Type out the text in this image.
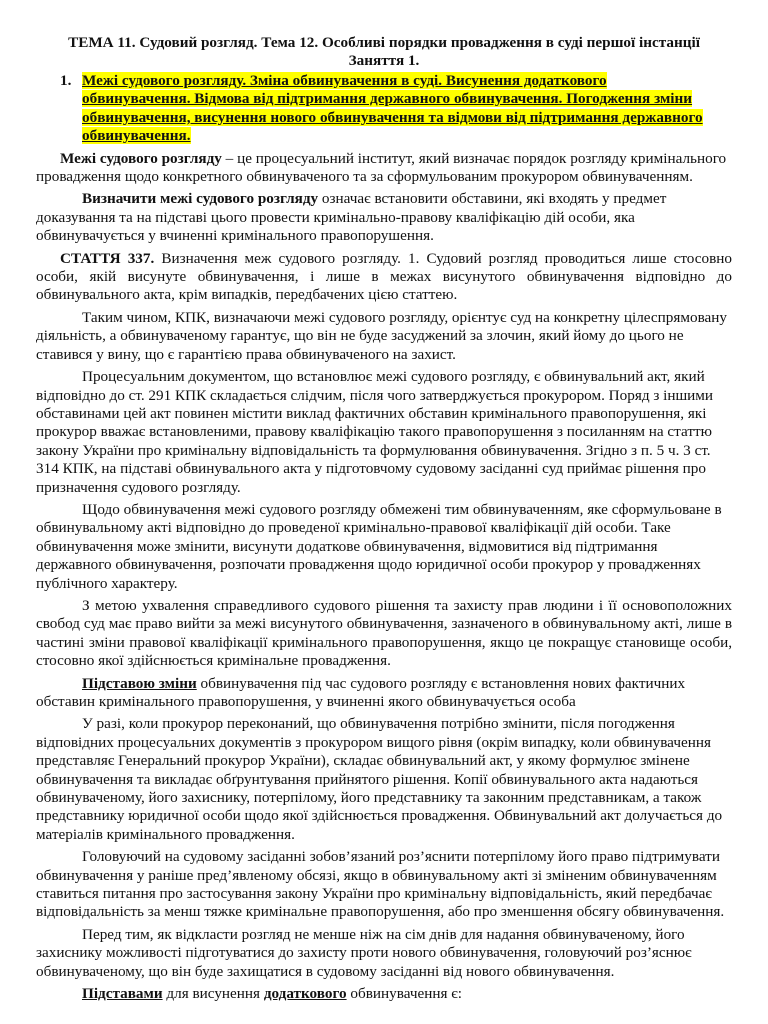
ТЕМА 11. Судовий розгляд. Тема 12. Особливі порядки провадження в суді першої інстанції
Заняття 1.
1. Межі судового розгляду. Зміна обвинувачення в суді. Висунення додаткового обвинувачення. Відмова від підтримання державного обвинувачення. Погодження зміни обвинувачення, висунення нового обвинувачення та відмови від підтримання державного обвинувачення.

Межі судового розгляду – це процесуальний інститут, який визначає порядок розгляду кримінального провадження щодо конкретного обвинуваченого та за сформульованим прокурором обвинуваченням.

Визначити межі судового розгляду означає встановити обставини, які входять у предмет доказування та на підставі цього провести кримінально-правову кваліфікацію дій особи, яка обвинувачується у вчиненні кримінального правопорушення.

СТАТТЯ 337. Визначення меж судового розгляду. 1. Судовий розгляд проводиться лише стосовно особи, якій висунуте обвинувачення, і лише в межах висунутого обвинувачення відповідно до обвинувального акта, крім випадків, передбачених цією статтею.

Таким чином, КПК, визначаючи межі судового розгляду, орієнтує суд на конкретну цілеспрямовану діяльність, а обвинуваченому гарантує, що він не буде засуджений за злочин, який йому до цього не ставився у вину, що є гарантією права обвинуваченого на захист.

Процесуальним документом, що встановлює межі судового розгляду, є обвинувальний акт, який відповідно до ст. 291 КПК складається слідчим, після чого затверджується прокурором. Поряд з іншими обставинами цей акт повинен містити виклад фактичних обставин кримінального правопорушення, які прокурор вважає встановленими, правову кваліфікацію такого правопорушення з посиланням на статтю закону України про кримінальну відповідальність та формулювання обвинувачення. Згідно з п. 5 ч. 3 ст. 314 КПК, на підставі обвинувального акта у підготовчому судовому засіданні суд приймає рішення про призначення судового розгляду.

Щодо обвинувачення межі судового розгляду обмежені тим обвинуваченням, яке сформульоване в обвинувальному акті відповідно до проведеної кримінально-правової кваліфікації дій особи. Таке обвинувачення може змінити, висунути додаткове обвинувачення, відмовитися від підтримання державного обвинувачення, розпочати провадження щодо юридичної особи прокурор у провадженнях публічного характеру.

З метою ухвалення справедливого судового рішення та захисту прав людини і її основоположних свобод суд має право вийти за межі висунутого обвинувачення, зазначеного в обвинувальному акті, лише в частині зміни правової кваліфікації кримінального правопорушення, якщо це покращує становище особи, стосовно якої здійснюється кримінальне провадження.

Підставою зміни обвинувачення під час судового розгляду є встановлення нових фактичних обставин кримінального правопорушення, у вчиненні якого обвинувачується особа

У разі, коли прокурор переконаний, що обвинувачення потрібно змінити, після погодження відповідних процесуальних документів з прокурором вищого рівня (окрім випадку, коли обвинувачення представляє Генеральний прокурор України), складає обвинувальний акт, у якому формулює змінене обвинувачення та викладає обґрунтування прийнятого рішення. Копії обвинувального акта надаються обвинуваченому, його захиснику, потерпілому, його представнику та законним представникам, а також представнику юридичної особи щодо якої здійснюється провадження. Обвинувальний акт долучається до матеріалів кримінального провадження.

Головуючий на судовому засіданні зобов’язаний роз’яснити потерпілому його право підтримувати обвинувачення у раніше пред’явленому обсязі, якщо в обвинувальному акті зі зміненим обвинуваченням ставиться питання про застосування закону України про кримінальну відповідальність, який передбачає відповідальність за менш тяжке кримінальне правопорушення, або про зменшення обсягу обвинувачення.

Перед тим, як відкласти розгляд не менше ніж на сім днів для надання обвинуваченому, його захиснику можливості підготуватися до захисту проти нового обвинувачення, головуючий роз’яснює обвинуваченому, що він буде захищатися в судовому засіданні від нового обвинувачення.

Підставами для висунення додаткового обвинувачення є:
